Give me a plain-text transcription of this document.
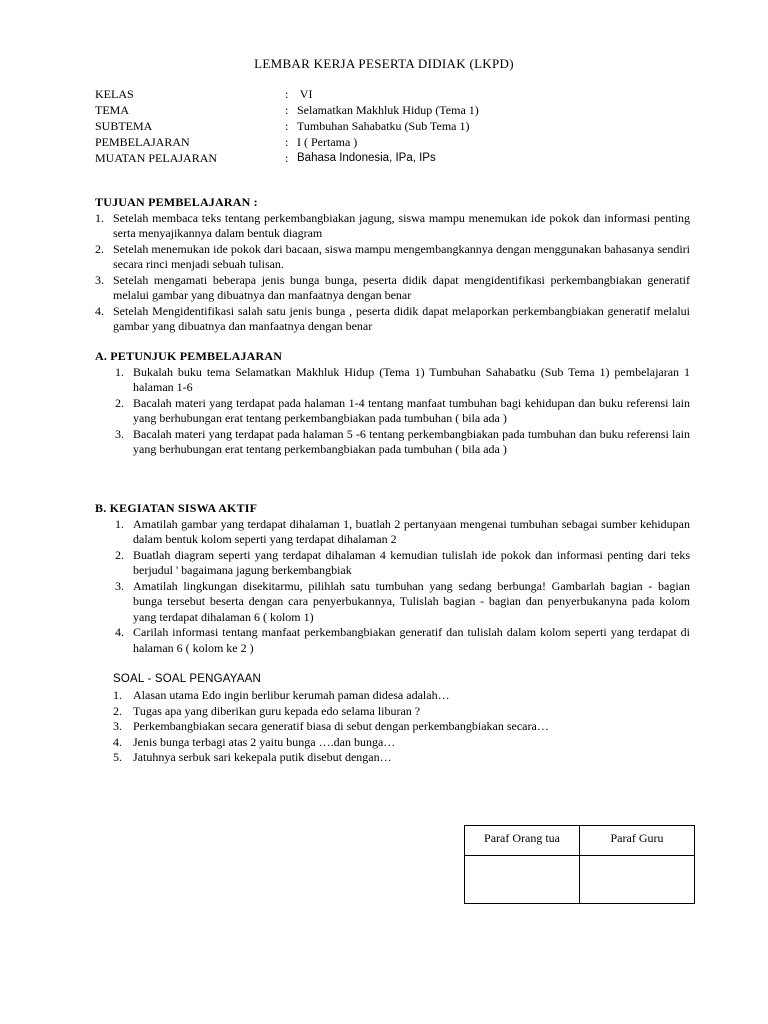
LEMBAR KERJA PESERTA DIDIAK (LKPD)
KELAS	: VI
TEMA	: Selamatkan Makhluk Hidup (Tema 1)
SUBTEMA	: Tumbuhan Sahabatku (Sub Tema 1)
PEMBELAJARAN	: I ( Pertama )
MUATAN PELAJARAN	: Bahasa Indonesia, IPa, IPs
TUJUAN PEMBELAJARAN :
1. Setelah membaca teks tentang perkembangbiakan jagung, siswa mampu menemukan ide pokok dan informasi penting serta menyajikannya dalam bentuk diagram
2. Setelah menemukan ide pokok dari bacaan, siswa mampu mengembangkannya dengan menggunakan bahasanya sendiri secara rinci menjadi sebuah tulisan.
3. Setelah mengamati beberapa jenis bunga bunga, peserta didik dapat mengidentifikasi perkembangbiakan generatif melalui gambar yang dibuatnya dan manfaatnya dengan benar
4. Setelah Mengidentifikasi salah satu jenis bunga , peserta didik dapat melaporkan perkembangbiakan generatif melalui gambar yang dibuatnya dan manfaatnya dengan benar
A. PETUNJUK PEMBELAJARAN
1. Bukalah buku tema Selamatkan Makhluk Hidup (Tema 1) Tumbuhan Sahabatku (Sub Tema 1) pembelajaran 1 halaman 1-6
2. Bacalah materi yang terdapat pada halaman 1-4 tentang manfaat tumbuhan bagi kehidupan dan buku referensi lain yang berhubungan erat tentang perkembangbiakan pada tumbuhan ( bila ada )
3. Bacalah materi yang terdapat pada halaman 5 -6 tentang perkembangbiakan pada tumbuhan dan buku referensi lain yang berhubungan erat tentang perkembangbiakan pada tumbuhan ( bila ada )
B. KEGIATAN SISWA AKTIF
1. Amatilah gambar yang terdapat dihalaman 1, buatlah 2 pertanyaan mengenai tumbuhan sebagai sumber kehidupan dalam bentuk kolom seperti yang terdapat dihalaman 2
2. Buatlah diagram seperti yang terdapat dihalaman 4 kemudian tulislah ide pokok dan informasi penting dari teks berjudul ' bagaimana jagung berkembangbiak
3. Amatilah lingkungan disekitarmu, pilihlah satu tumbuhan yang sedang berbunga! Gambarlah bagian - bagian bunga tersebut beserta dengan cara penyerbukannya, Tulislah bagian - bagian dan penyerbukanyna pada kolom yang terdapat dihalaman 6 ( kolom 1)
4. Carilah informasi tentang manfaat perkembangbiakan generatif dan tulislah dalam kolom seperti yang terdapat di halaman 6 ( kolom ke 2 )
SOAL - SOAL PENGAYAAN
1. Alasan utama Edo ingin berlibur kerumah paman didesa adalah…
2. Tugas apa yang diberikan guru kepada edo selama liburan ?
3. Perkembangbiakan secara generatif biasa di sebut dengan perkembangbiakan secara…
4. Jenis bunga terbagi atas 2 yaitu bunga ….dan bunga…
5. Jatuhnya serbuk sari kekepala putik disebut dengan…
Paraf Orang tua	Paraf Guru
